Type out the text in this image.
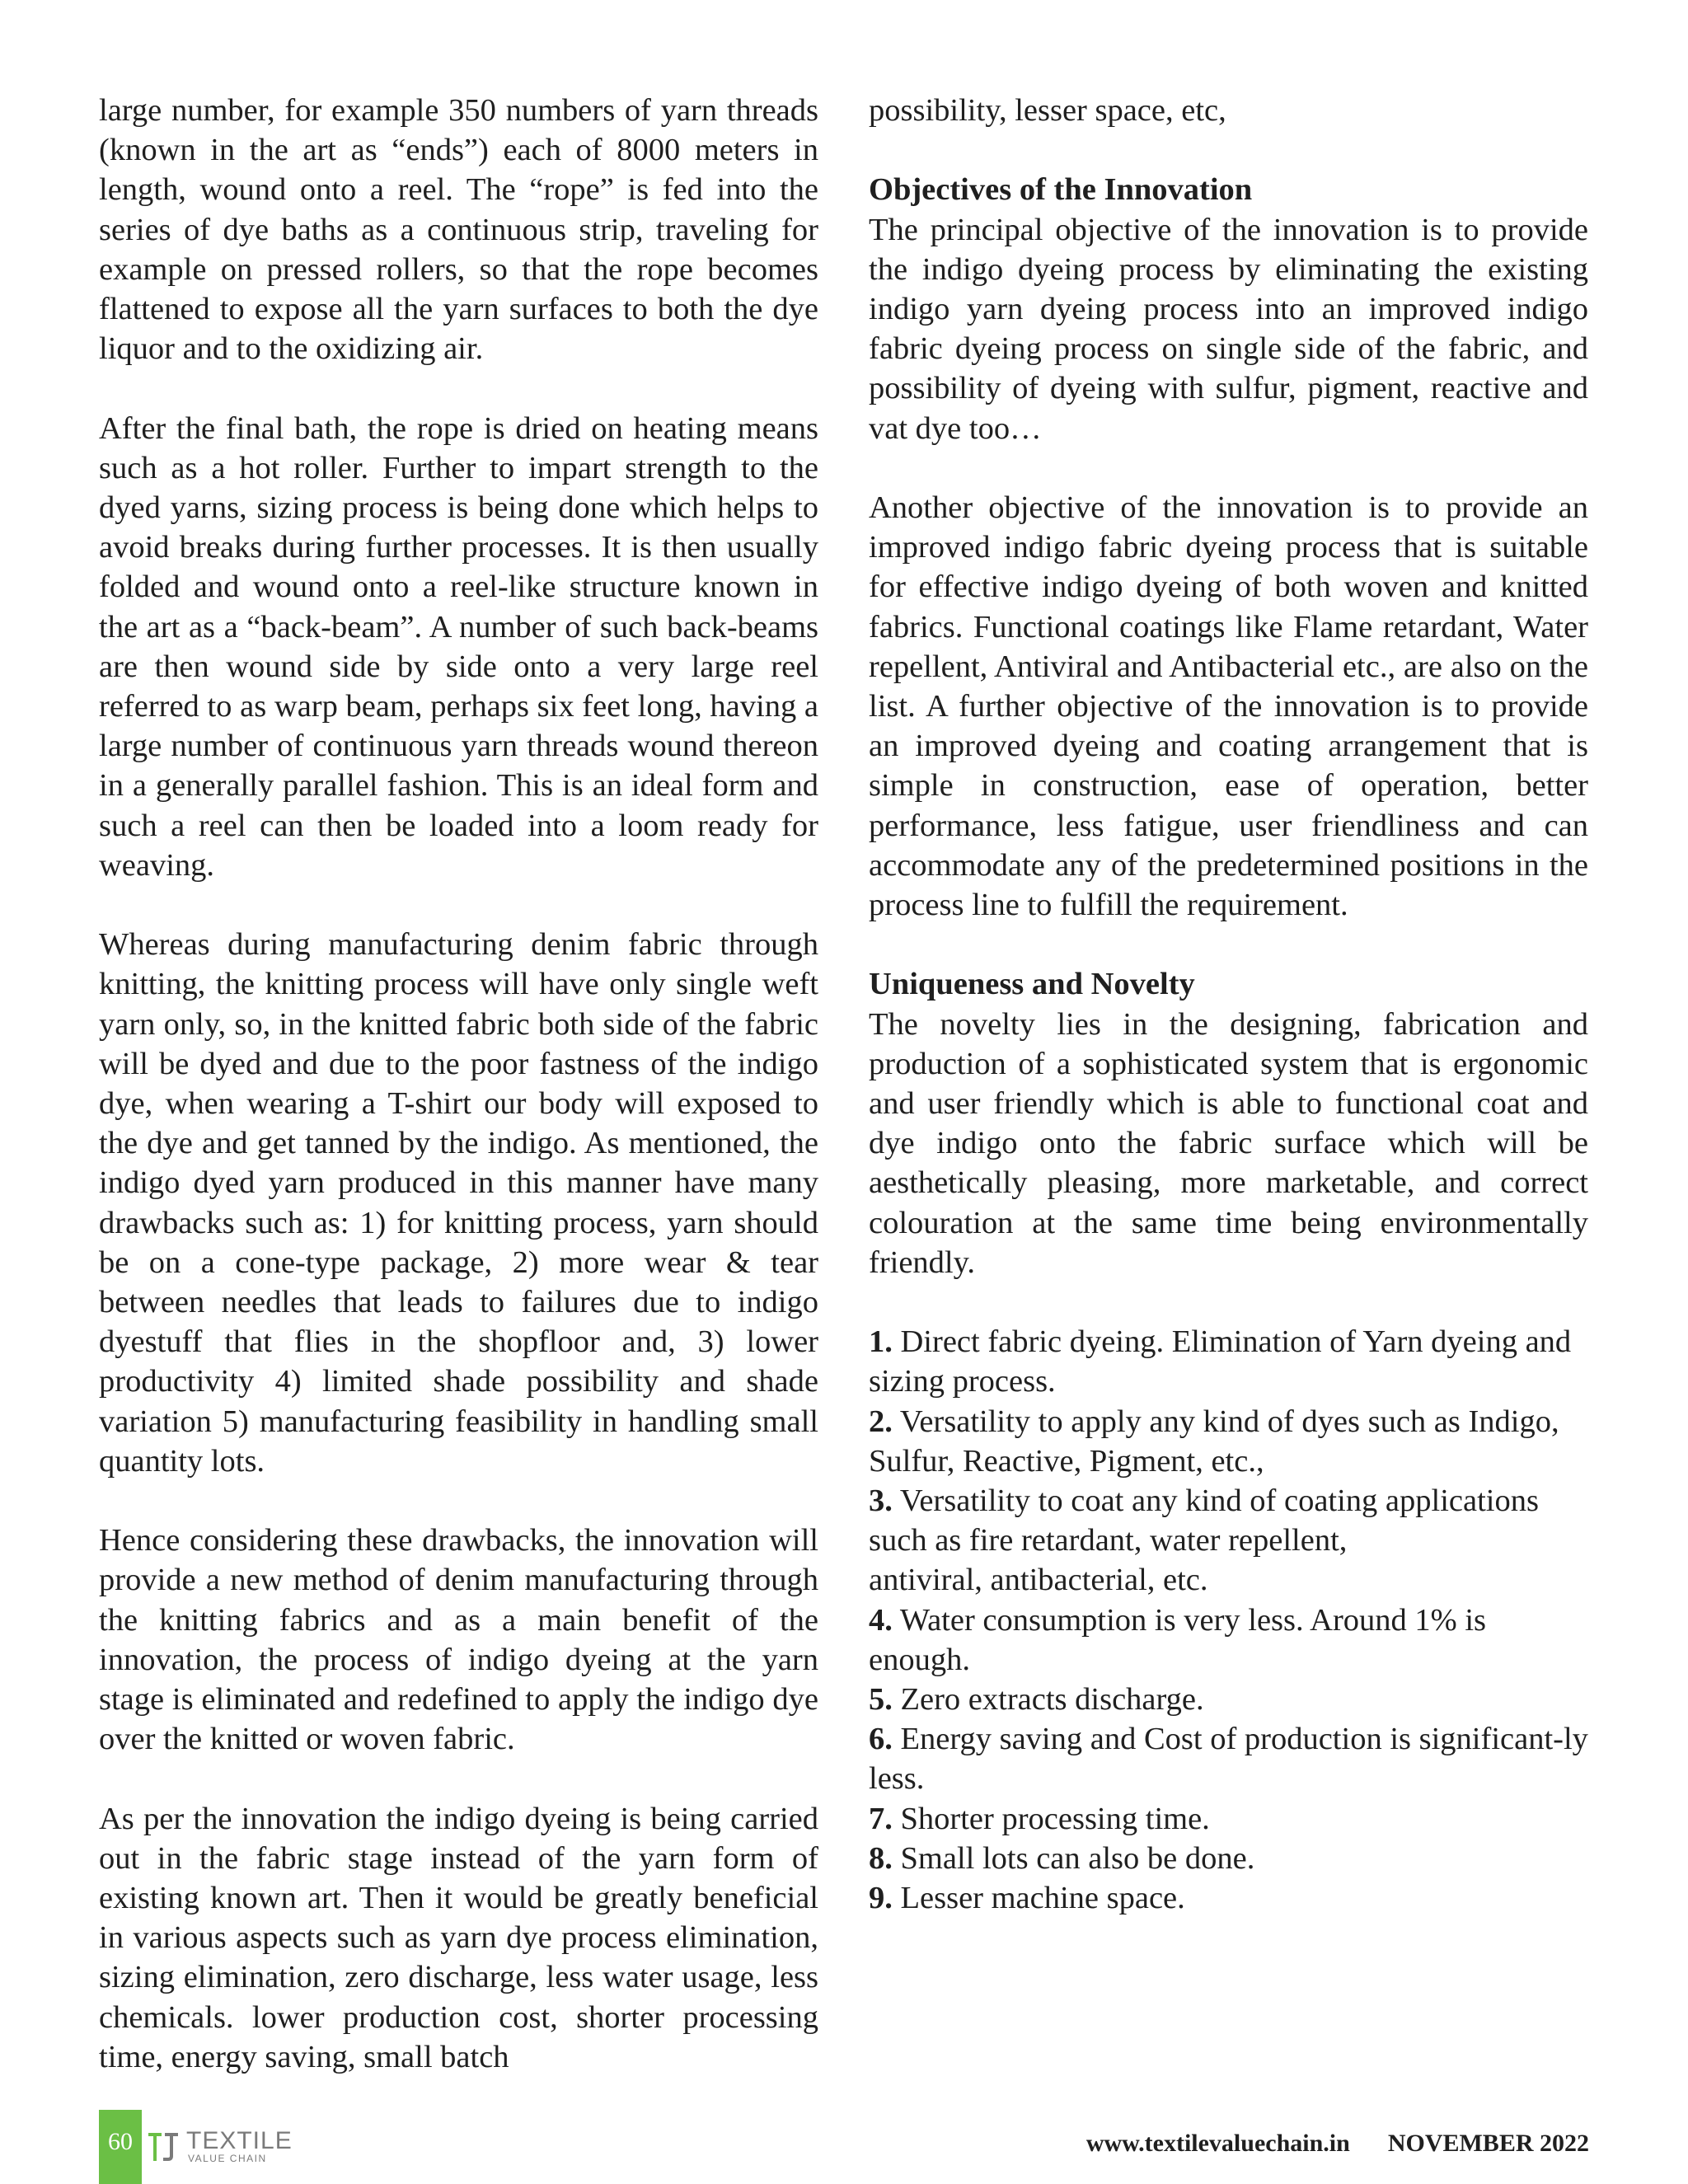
large number, for example 350 numbers of yarn threads (known in the art as “ends”) each of 8000 meters in length, wound onto a reel. The “rope” is fed into the series of dye baths as a continuous strip, traveling for example on pressed rollers, so that the rope becomes flattened to expose all the yarn surfaces to both the dye liquor and to the oxidizing air.

After the final bath, the rope is dried on heating means such as a hot roller. Further to impart strength to the dyed yarns, sizing process is being done which helps to avoid breaks during further processes. It is then usually folded and wound onto a reel-like structure known in the art as a “back-beam”. A number of such back-beams are then wound side by side onto a very large reel referred to as warp beam, perhaps six feet long, having a large number of continuous yarn threads wound thereon in a generally parallel fashion. This is an ideal form and such a reel can then be loaded into a loom ready for weaving.

Whereas during manufacturing denim fabric through knitting, the knitting process will have only single weft yarn only, so, in the knitted fabric both side of the fabric will be dyed and due to the poor fastness of the indigo dye, when wearing a T-shirt our body will exposed to the dye and get tanned by the indigo. As mentioned, the indigo dyed yarn produced in this manner have many drawbacks such as: 1) for knitting process, yarn should be on a cone-type package, 2) more wear & tear between needles that leads to failures due to indigo dyestuff that flies in the shopfloor and, 3) lower productivity 4) limited shade possibility and shade variation 5) manufacturing feasibility in handling small quantity lots.

Hence considering these drawbacks, the innovation will provide a new method of denim manufacturing through the knitting fabrics and as a main benefit of the innovation, the process of indigo dyeing at the yarn stage is eliminated and redefined to apply the indigo dye over the knitted or woven fabric.

As per the innovation the indigo dyeing is being carried out in the fabric stage instead of the yarn form of existing known art. Then it would be greatly beneficial in various aspects such as yarn dye process elimination, sizing elimination, zero discharge, less water usage, less chemicals. lower production cost, shorter processing time, energy saving, small batch

possibility, lesser space, etc,

Objectives of the Innovation

The principal objective of the innovation is to provide the indigo dyeing process by eliminating the existing indigo yarn dyeing process into an improved indigo fabric dyeing process on single side of the fabric, and possibility of dyeing with sulfur, pigment, reactive and vat dye too…

Another objective of the innovation is to provide an improved indigo fabric dyeing process that is suitable for effective indigo dyeing of both woven and knitted fabrics. Functional coatings like Flame retardant, Water repellent, Antiviral and Antibacterial etc., are also on the list. A further objective of the innovation is to provide an improved dyeing and coating arrangement that is simple in construction, ease of operation, better performance, less fatigue, user friendliness and can accommodate any of the predetermined positions in the process line to fulfill the requirement.

Uniqueness and Novelty

The novelty lies in the designing, fabrication and production of a sophisticated system that is ergonomic and user friendly which is able to functional coat and dye indigo onto the fabric surface which will be aesthetically pleasing, more marketable, and correct colouration at the same time being environmentally friendly.

1. Direct fabric dyeing. Elimination of Yarn dyeing and sizing process.

2. Versatility to apply any kind of dyes such as Indigo, Sulfur, Reactive, Pigment, etc.,

3. Versatility to coat any kind of coating applications such as fire retardant, water repellent,
antiviral, antibacterial, etc.

4. Water consumption is very less. Around 1% is enough.

5. Zero extracts discharge.

6. Energy saving and Cost of production is significant-ly less.

7. Shorter processing time.

8. Small lots can also be done.

9. Lesser machine space.

60	TEXTILE
VALUE CHAIN
www.textilevaluechain.in NOVEMBER 2022
